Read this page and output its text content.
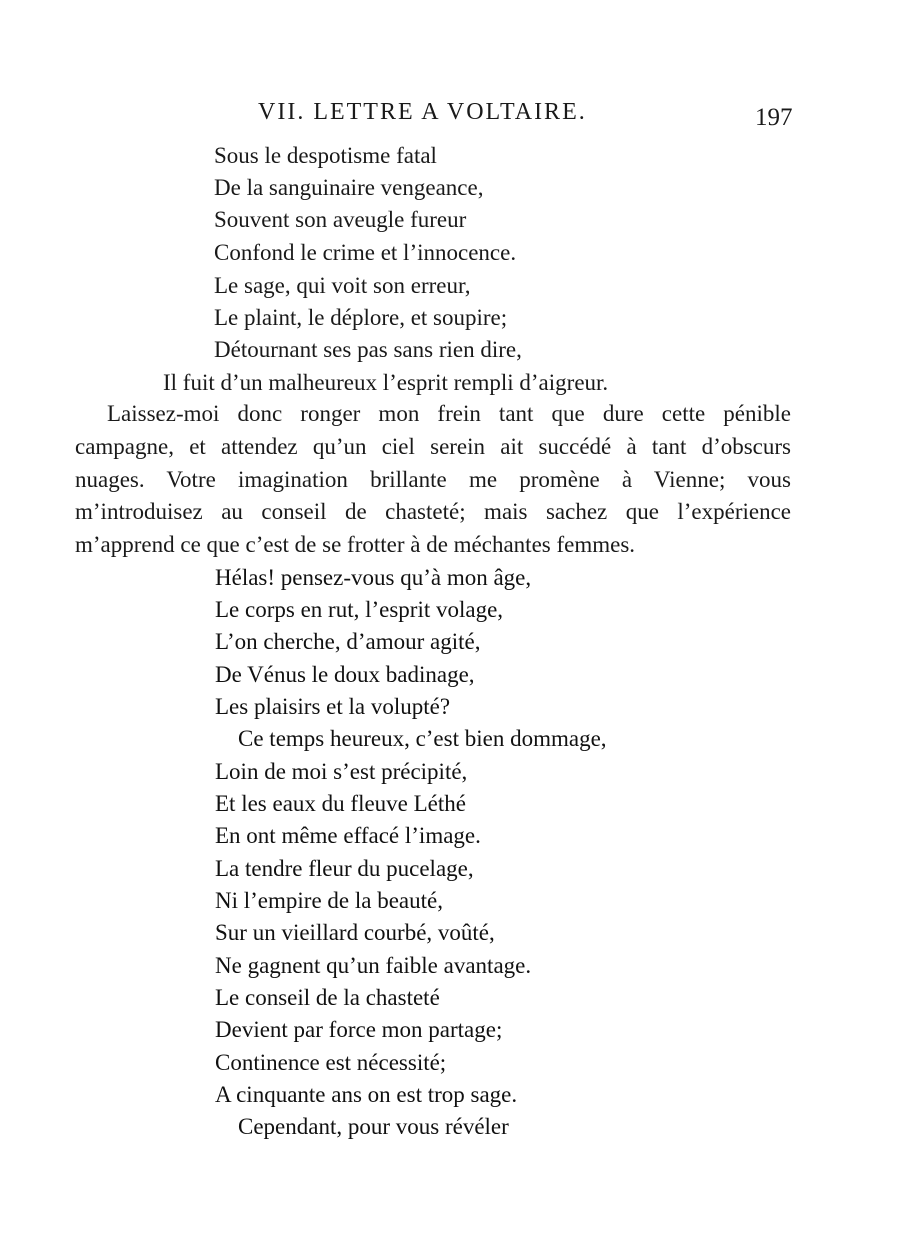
VII. LETTRE A VOLTAIRE.	197
Sous le despotisme fatal
De la sanguinaire vengeance,
Souvent son aveugle fureur
Confond le crime et l’innocence.
Le sage, qui voit son erreur,
Le plaint, le déplore, et soupire;
Détournant ses pas sans rien dire,
Il fuit d’un malheureux l’esprit rempli d’aigreur.
Laissez-moi donc ronger mon frein tant que dure cette pénible
campagne, et attendez qu’un ciel serein ait succédé à tant d’obscurs
nuages. Votre imagination brillante me promène à Vienne; vous
m’introduisez au conseil de chasteté; mais sachez que l’expérience
m’apprend ce que c’est de se frotter à de méchantes femmes.
Hélas! pensez-vous qu’à mon âge,
Le corps en rut, l’esprit volage,
L’on cherche, d’amour agité,
De Vénus le doux badinage,
Les plaisirs et la volupté?
Ce temps heureux, c’est bien dommage,
Loin de moi s’est précipité,
Et les eaux du fleuve Léthé
En ont même effacé l’image.
La tendre fleur du pucelage,
Ni l’empire de la beauté,
Sur un vieillard courbé, voûté,
Ne gagnent qu’un faible avantage.
Le conseil de la chasteté
Devient par force mon partage;
Continence est nécessité;
A cinquante ans on est trop sage.
Cependant, pour vous révéler
